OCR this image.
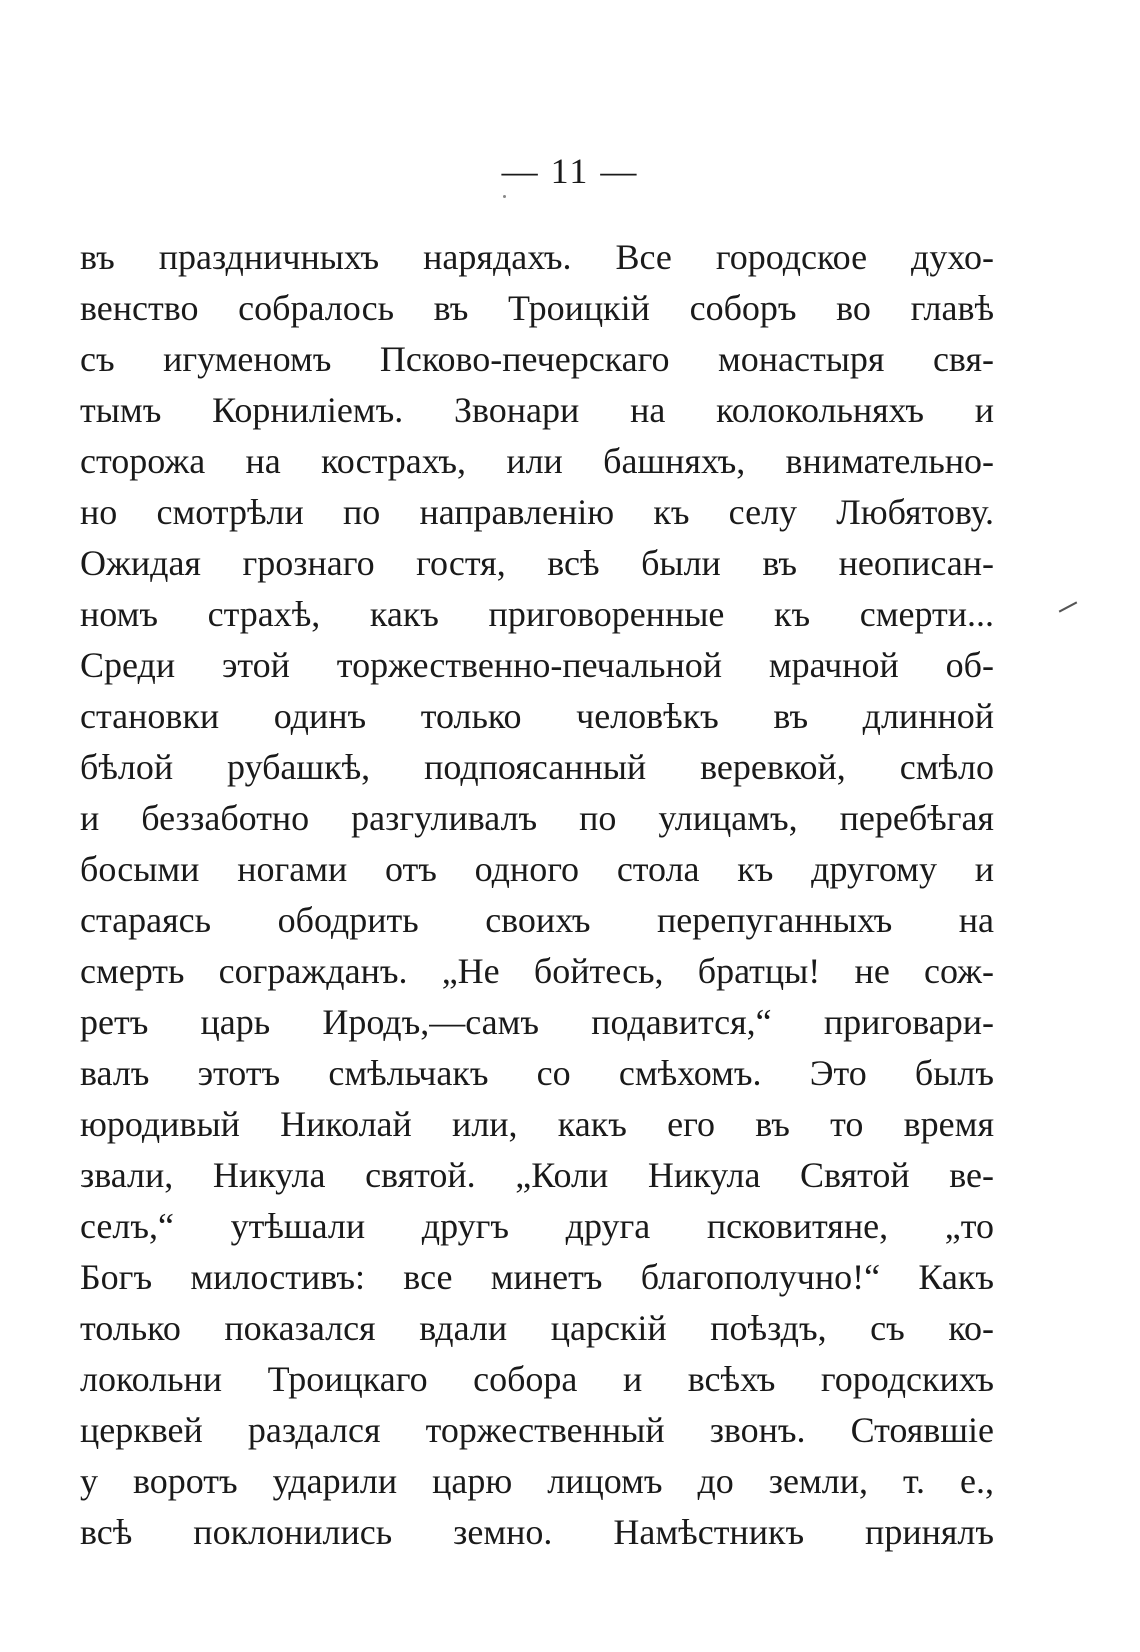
— 11 —
въ праздничныхъ нарядахъ. Все городское духо-
венство собралось въ Троицкій соборъ во главѣ
съ игуменомъ Псково-печерскаго монастыря свя-
тымъ Корниліемъ. Звонари на колокольняхъ и
сторожа на кострахъ, или башняхъ, внимательно-
но смотрѣли по направленію къ селу Любятову.
Ожидая грознаго гостя, всѣ были въ неописан-
номъ страхѣ, какъ приговоренные къ смерти...
Среди этой торжественно-печальной мрачной об-
становки одинъ только человѣкъ въ длинной
бѣлой рубашкѣ, подпоясанный веревкой, смѣло
и беззаботно разгуливалъ по улицамъ, перебѣгая
босыми ногами отъ одного стола къ другому и
стараясь ободрить своихъ перепуганныхъ на
смерть согражданъ. „Не бойтесь, братцы! не сож-
ретъ царь Иродъ,—самъ подавится,“ приговари-
валъ этотъ смѣльчакъ со смѣхомъ. Это былъ
юродивый Николай или, какъ его въ то время
звали, Никула святой. „Коли Никула Святой ве-
селъ,“ утѣшали другъ друга псковитяне, „то
Богъ милостивъ: все минетъ благополучно!“ Какъ
только показался вдали царскій поѣздъ, съ ко-
локольни Троицкаго собора и всѣхъ городскихъ
церквей раздался торжественный звонъ. Стоявшіе
у воротъ ударили царю лицомъ до земли, т. е.,
всѣ поклонились земно. Намѣстникъ принялъ
